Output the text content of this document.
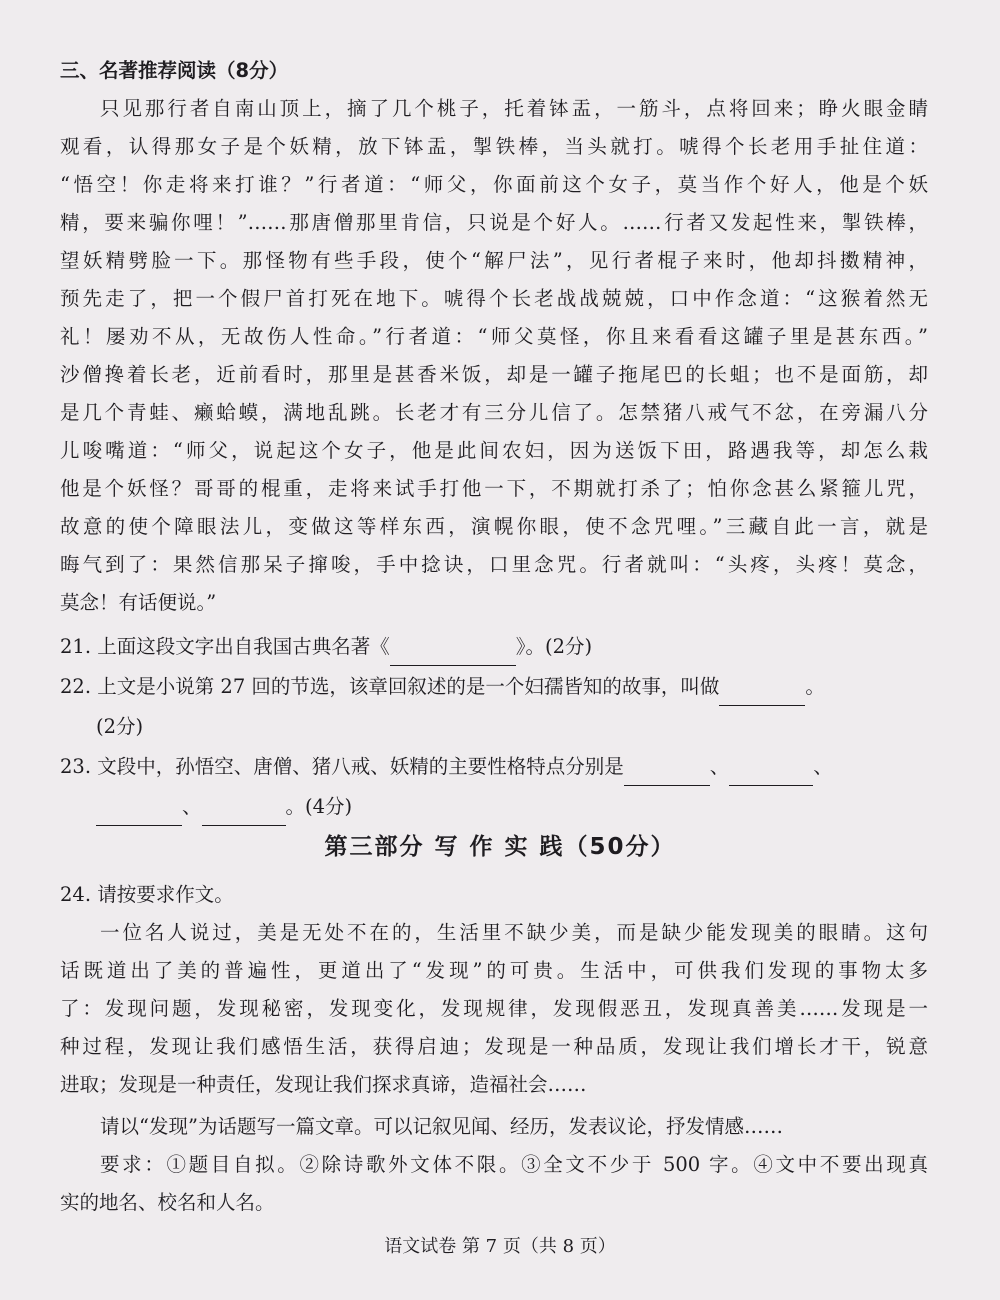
三、名著推荐阅读（8分）
只见那行者自南山顶上，摘了几个桃子，托着钵盂，一筋斗，点将回来；睁火眼金睛
观看，认得那女子是个妖精，放下钵盂，掣铁棒，当头就打。唬得个长老用手扯住道：
“悟空！你走将来打谁？”行者道：“师父，你面前这个女子，莫当作个好人，他是个妖
精，要来骗你哩！”……那唐僧那里肯信，只说是个好人。……行者又发起性来，掣铁棒，
望妖精劈脸一下。那怪物有些手段，使个“解尸法”，见行者棍子来时，他却抖擞精神，
预先走了，把一个假尸首打死在地下。唬得个长老战战兢兢，口中作念道：“这猴着然无
礼！屡劝不从，无故伤人性命。”行者道：“师父莫怪，你且来看看这罐子里是甚东西。”
沙僧搀着长老，近前看时，那里是甚香米饭，却是一罐子拖尾巴的长蛆；也不是面筋，却
是几个青蛙、癞蛤蟆，满地乱跳。长老才有三分儿信了。怎禁猪八戒气不忿，在旁漏八分
儿唆嘴道：“师父，说起这个女子，他是此间农妇，因为送饭下田，路遇我等，却怎么栽
他是个妖怪？哥哥的棍重，走将来试手打他一下，不期就打杀了；怕你念甚么紧箍儿咒，
故意的使个障眼法儿，变做这等样东西，演幌你眼，使不念咒哩。”三藏自此一言，就是
晦气到了：果然信那呆子撺唆，手中捻诀，口里念咒。行者就叫：“头疼，头疼！莫念，
莫念！有话便说。”
21. 上面这段文字出自我国古典名著《	》。(2分)
22. 上文是小说第 27 回的节选，该章回叙述的是一个妇孺皆知的故事，叫做	。
(2分)
23. 文段中，孙悟空、唐僧、猪八戒、妖精的主要性格特点分别是	、	、
、	。(4分)
第三部分 写 作 实 践（50分）
24. 请按要求作文。
一位名人说过，美是无处不在的，生活里不缺少美，而是缺少能发现美的眼睛。这句
话既道出了美的普遍性，更道出了“发现”的可贵。生活中，可供我们发现的事物太多
了：发现问题，发现秘密，发现变化，发现规律，发现假恶丑，发现真善美……发现是一
种过程，发现让我们感悟生活，获得启迪；发现是一种品质，发现让我们增长才干，锐意
进取；发现是一种责任，发现让我们探求真谛，造福社会……
请以“发现”为话题写一篇文章。可以记叙见闻、经历，发表议论，抒发情感……
要求：①题目自拟。②除诗歌外文体不限。③全文不少于 500 字。④文中不要出现真
实的地名、校名和人名。
语文试卷 第 7 页（共 8 页）
